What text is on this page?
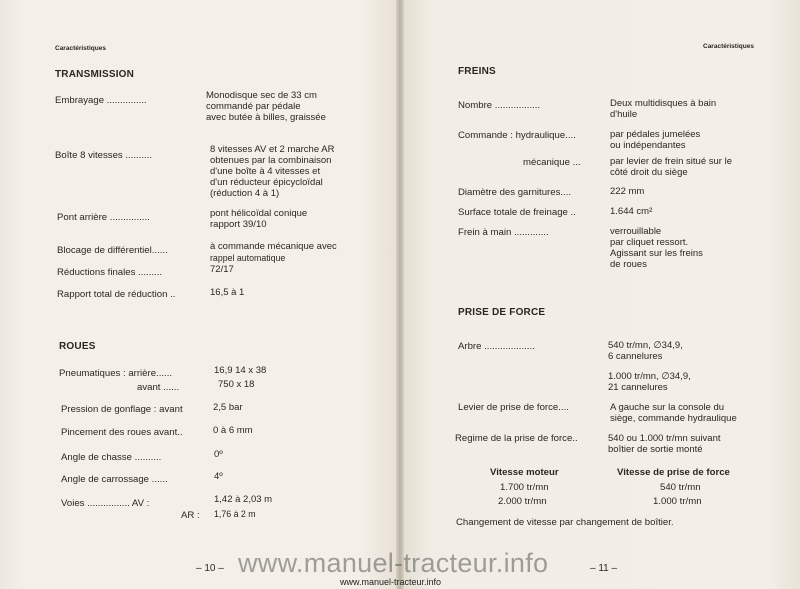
Caractéristiques
TRANSMISSION
Embrayage ...............	Monodisque sec de 33 cm
commandé par pédale
avec butée à billes, graissée
Boîte 8 vitesses ..........
8 vitesses AV et 2 marche AR
obtenues par la combinaison
d'une boîte à 4 vitesses et
d'un réducteur épicycloïdal
(réduction 4 à 1)
Pont arrière ...............	pont hélicoïdal conique
rapport 39/10
Blocage de différentiel......	à commande mécanique avec
rappel automatique
Réductions finales .........	72/17
Rapport total de réduction ..	16,5 à 1
ROUES
Pneumatiques : arrière......	16,9 14 x 38
avant ......	750 x 18
Pression de gonflage : avant	2,5 bar
Pincement des roues avant..	0 à 6 mm
Angle de chasse ..........	0º
Angle de carrossage ......	4º
Voies ................ AV :	1,42 à 2,03 m
AR : 1,76 à 2 m
– 10 –
Caractéristiques
FREINS
Nombre .................	Deux multidisques à bain
d'huile
Commande : hydraulique....	par pédales jumelées
ou indépendantes
mécanique ...	par levier de frein situé sur le
côté droit du siège
Diamètre des garnitures....	222 mm
Surface totale de freinage ..	1.644 cm²
Frein à main .............	verrouillable
par cliquet ressort.
Agissant sur les freins
de roues
PRISE DE FORCE
Arbre ...................	540 tr/mn, ∅34,9,
6 cannelures
1.000 tr/mn, ∅34,9,
21 cannelures
Levier de prise de force....	A gauche sur la console du
siège, commande hydraulique
Regime de la prise de force..	540 ou 1.000 tr/mn suivant
boîtier de sortie monté
Vitesse moteur	Vitesse de prise de force
1.700 tr/mn	540 tr/mn
2.000 tr/mn	1.000 tr/mn
Changement de vitesse par changement de boîtier.
– 11 –
www.manuel-tracteur.info
www.manuel-tracteur.info
